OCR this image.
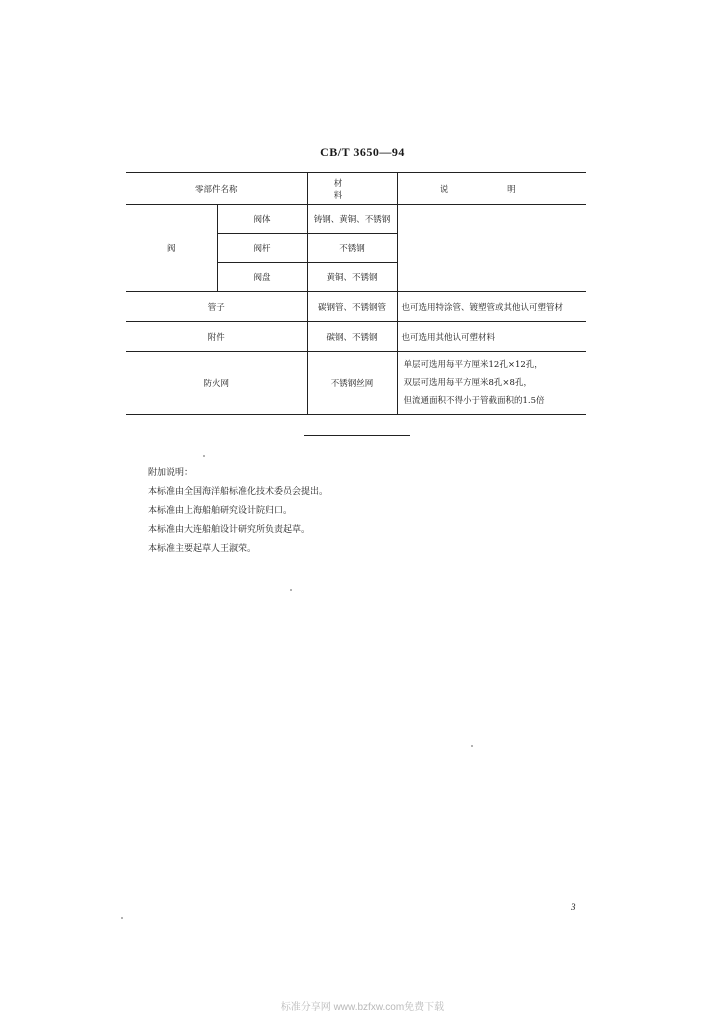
CB/T 3650—94
零部件名称		材 料	说 明
阀	阀体	铸钢、黄铜、不锈钢	
	阀杆	不锈钢	
	阀盘	黄铜、不锈钢	
管子		碳钢管、不锈钢管	也可选用特涂管、镀塑管或其他认可塑管材
附件		碳钢、不锈钢	也可选用其他认可塑材料
防火网		不锈钢丝网	单层可选用每平方厘米12孔×12孔，
双层可选用每平方厘米8孔×8孔，
但流通面积不得小于管截面积的1.5倍
附加说明：
本标准由全国海洋船标准化技术委员会提出。
本标准由上海船舶研究设计院归口。
本标准由大连船舶设计研究所负责起草。
本标准主要起草人王淑荣。
3
标准分享网 www.bzfxw.com免费下载
